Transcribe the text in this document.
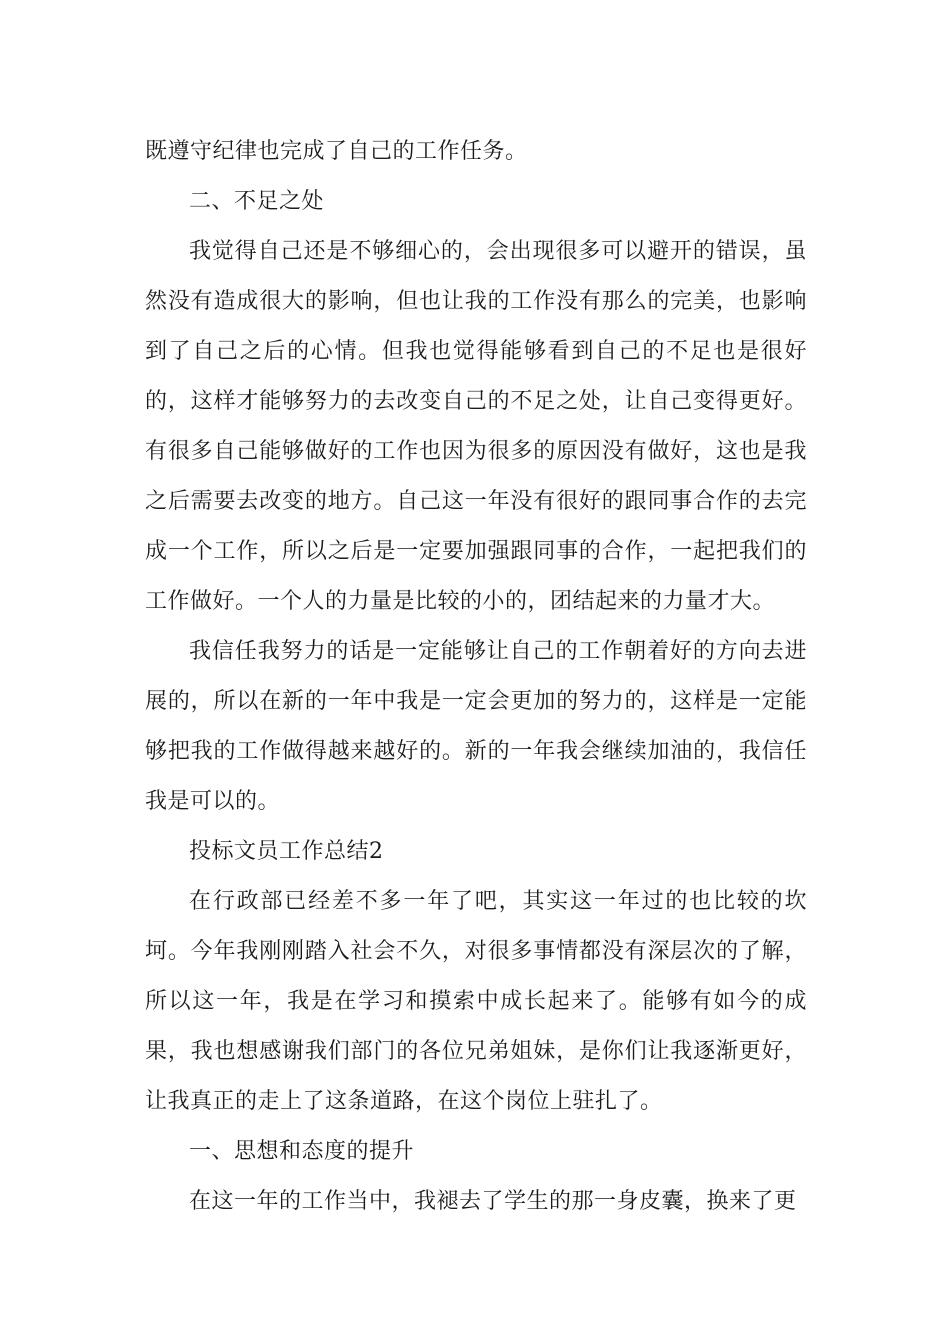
既遵守纪律也完成了自己的工作任务。

二、不足之处

我觉得自己还是不够细心的，会出现很多可以避开的错误，虽然没有造成很大的影响，但也让我的工作没有那么的完美，也影响到了自己之后的心情。但我也觉得能够看到自己的不足也是很好的，这样才能够努力的去改变自己的不足之处，让自己变得更好。有很多自己能够做好的工作也因为很多的原因没有做好，这也是我之后需要去改变的地方。自己这一年没有很好的跟同事合作的去完成一个工作，所以之后是一定要加强跟同事的合作，一起把我们的工作做好。一个人的力量是比较的小的，团结起来的力量才大。

我信任我努力的话是一定能够让自己的工作朝着好的方向去进展的，所以在新的一年中我是一定会更加的努力的，这样是一定能够把我的工作做得越来越好的。新的一年我会继续加油的，我信任我是可以的。

投标文员工作总结2

在行政部已经差不多一年了吧，其实这一年过的也比较的坎坷。今年我刚刚踏入社会不久，对很多事情都没有深层次的了解，所以这一年，我是在学习和摸索中成长起来了。能够有如今的成果，我也想感谢我们部门的各位兄弟姐妹，是你们让我逐渐更好，让我真正的走上了这条道路，在这个岗位上驻扎了。

一、思想和态度的提升

在这一年的工作当中，我褪去了学生的那一身皮囊，换来了更
